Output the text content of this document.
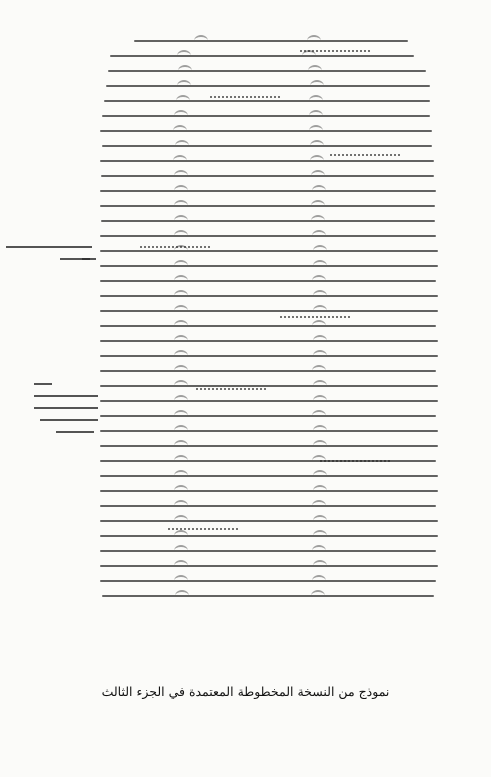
نموذج من النسخة المخطوطة المعتمدة في الجزء الثالث
